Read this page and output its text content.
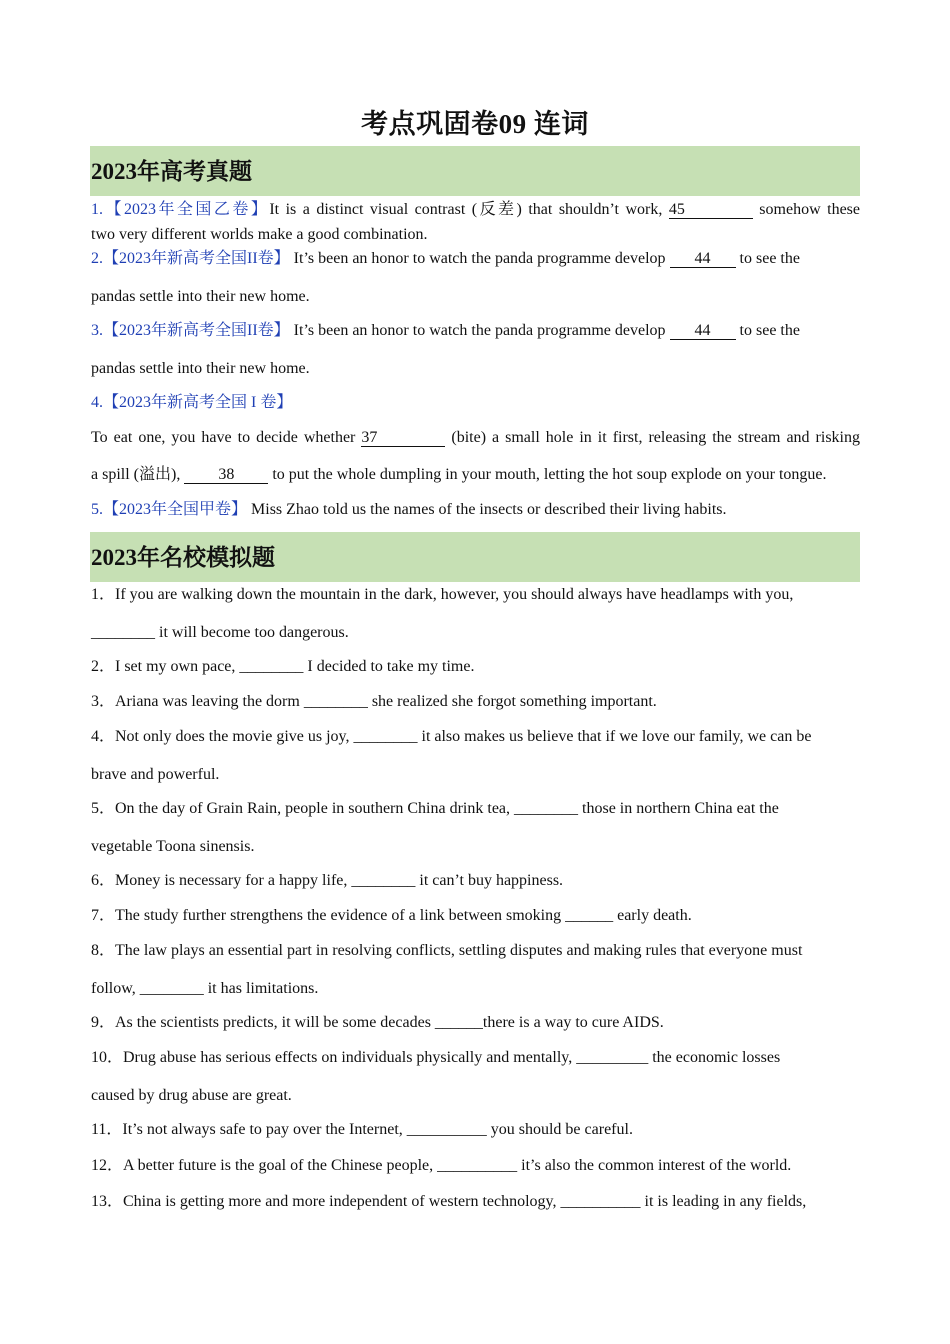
考点巩固卷09 连词
2023年高考真题
1.【2023年全国乙卷】It is a distinct visual contrast (反差) that shouldn’t work, 45	somehow these
two very different worlds make a good combination.
2.【2023年新高考全国II卷】 It’s been an honor to watch the panda programme develop 44 to see the
pandas settle into their new home.
3.【2023年新高考全国II卷】 It’s been an honor to watch the panda programme develop 44 to see the
pandas settle into their new home.
4.【2023年新高考全国 I 卷】
To eat one, you have to decide whether 37	(bite) a small hole in it first, releasing the stream and risking
a spill (溢出), 38 to put the whole dumpling in your mouth, letting the hot soup explode on your tongue.
5.【2023年全国甲卷】 Miss Zhao told us the names of the insects or described their living habits.
2023年名校模拟题
1．If you are walking down the mountain in the dark, however, you should always have headlamps with you,
________ it will become too dangerous.
2．I set my own pace, ________ I decided to take my time.
3．Ariana was leaving the dorm ________ she realized she forgot something important.
4．Not only does the movie give us joy, ________ it also makes us believe that if we love our family, we can be
brave and powerful.
5．On the day of Grain Rain, people in southern China drink tea, ________ those in northern China eat the
vegetable Toona sinensis.
6．Money is necessary for a happy life, ________ it can’t buy happiness.
7．The study further strengthens the evidence of a link between smoking ______ early death.
8．The law plays an essential part in resolving conflicts, settling disputes and making rules that everyone must
follow, ________ it has limitations.
9．As the scientists predicts, it will be some decades ______there is a way to cure AIDS.
10．Drug abuse has serious effects on individuals physically and mentally, _________ the economic losses
caused by drug abuse are great.
11．It’s not always safe to pay over the Internet, __________ you should be careful.
12．A better future is the goal of the Chinese people, __________ it’s also the common interest of the world.
13．China is getting more and more independent of western technology, __________ it is leading in any fields,
